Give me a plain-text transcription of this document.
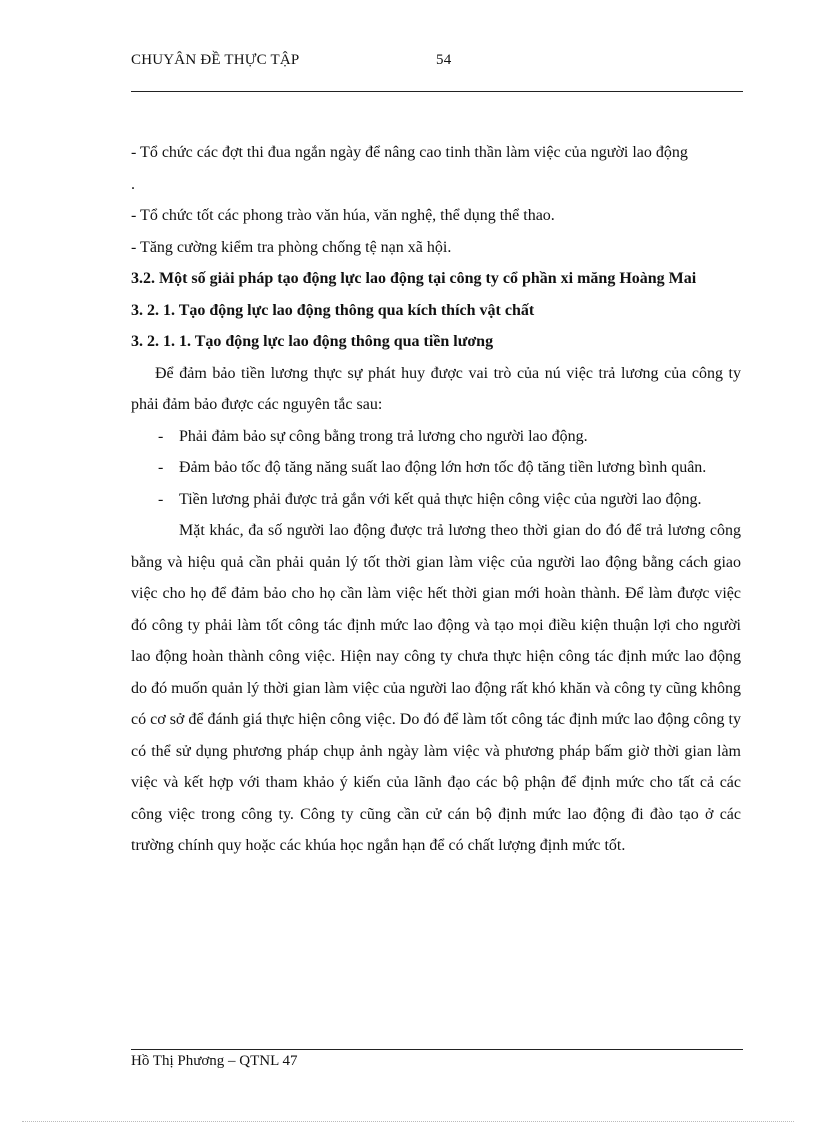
CHUYÂN ĐỀ THỰC TẬP	54

- Tổ chức các đợt thi đua ngắn ngày để nâng cao tinh thần làm việc của người lao động

.

- Tổ chức tốt các phong trào văn húa, văn nghệ, thể dụng thể thao.

- Tăng cường kiểm tra phòng chống tệ nạn xã hội.

3.2. Một số giải pháp tạo động lực lao động tại công ty cổ phần xi măng Hoàng Mai

3. 2. 1. Tạo động lực lao động thông qua kích thích vật chất

3. 2. 1. 1. Tạo động lực lao động thông qua tiền lương

Để đảm bảo tiền lương thực sự phát huy được vai trò của nú việc trả lương của công ty phải đảm bảo được các nguyên tắc sau:

- Phải đảm bảo sự công bằng trong trả lương cho người lao động.
- Đảm bảo tốc độ tăng năng suất lao động lớn hơn tốc độ tăng tiền lương bình quân.
- Tiền lương phải được trả gắn với kết quả thực hiện công việc của người lao động.

Mặt khác, đa số người lao động được trả lương theo thời gian do đó để trả lương công bằng và hiệu quả cần phải quản lý tốt thời gian làm việc của người lao động bằng cách giao việc cho họ để đảm bảo cho họ cần làm việc hết thời gian mới hoàn thành. Để làm được việc đó công ty phải làm tốt công tác định mức lao động và tạo mọi điều kiện thuận lợi cho người lao động hoàn thành công việc. Hiện nay công ty chưa thực hiện công tác định mức lao động do đó muốn quản lý thời gian làm việc của người lao động rất khó khăn và công ty cũng không có cơ sở để đánh giá thực hiện công việc. Do đó để làm tốt công tác định mức lao động công ty có thể sử dụng phương pháp chụp ảnh ngày làm việc và phương pháp bấm giờ thời gian làm việc và kết hợp với tham khảo ý kiến của lãnh đạo các bộ phận để định mức cho tất cả các công việc trong công ty. Công ty cũng cần cử cán bộ định mức lao động đi đào tạo ở các trường chính quy hoặc các khúa học ngắn hạn để có chất lượng định mức tốt.

Hồ Thị Phương – QTNL 47
